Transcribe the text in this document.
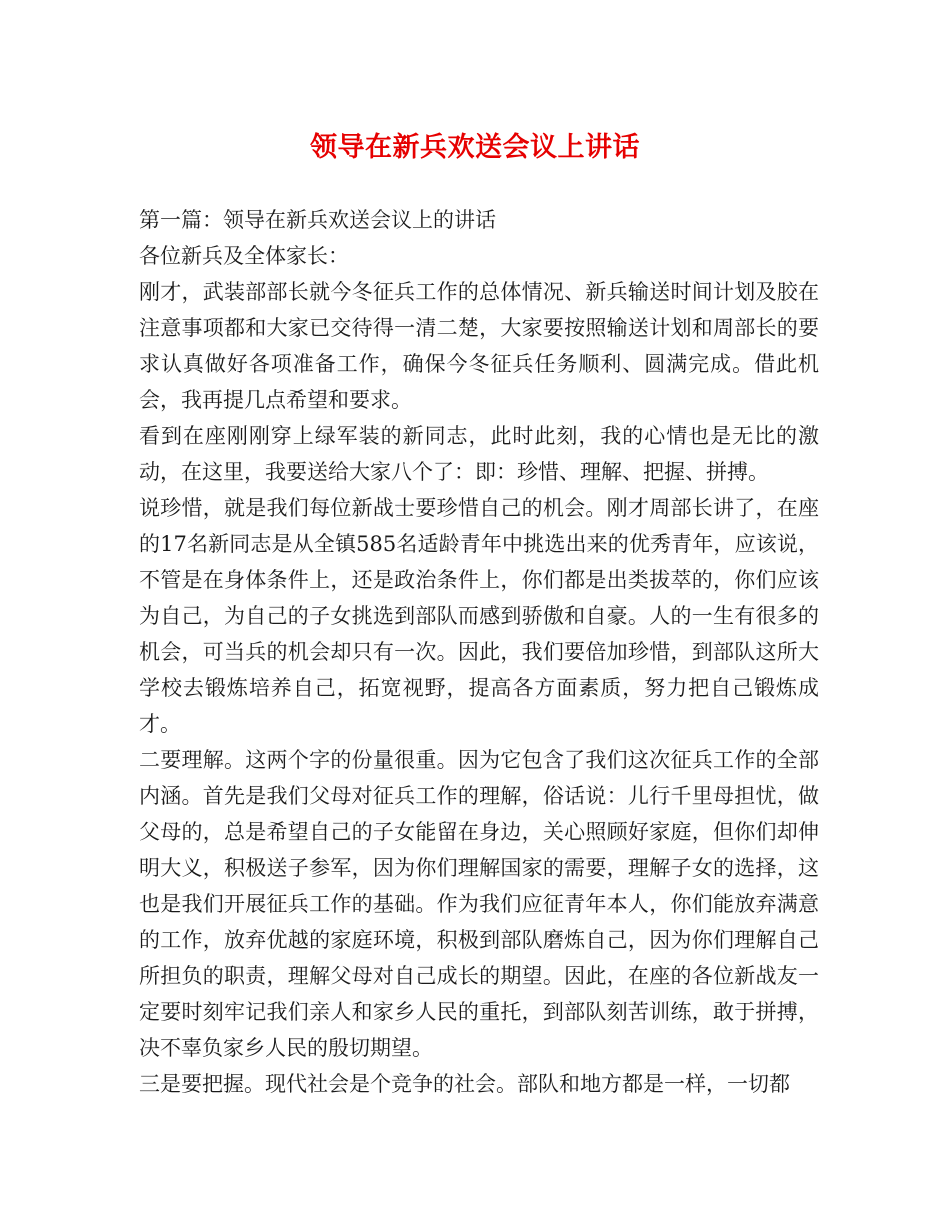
领导在新兵欢送会议上讲话

第一篇：领导在新兵欢送会议上的讲话

各位新兵及全体家长：

刚才，武装部部长就今冬征兵工作的总体情况、新兵输送时间计划及胶在注意事项都和大家已交待得一清二楚，大家要按照输送计划和周部长的要求认真做好各项准备工作，确保今冬征兵任务顺利、圆满完成。借此机会，我再提几点希望和要求。

看到在座刚刚穿上绿军装的新同志，此时此刻，我的心情也是无比的激动，在这里，我要送给大家八个了：即：珍惜、理解、把握、拼搏。

说珍惜，就是我们每位新战士要珍惜自己的机会。刚才周部长讲了，在座的17名新同志是从全镇585名适龄青年中挑选出来的优秀青年，应该说，不管是在身体条件上，还是政治条件上，你们都是出类拔萃的，你们应该为自己，为自己的子女挑选到部队而感到骄傲和自豪。人的一生有很多的机会，可当兵的机会却只有一次。因此，我们要倍加珍惜，到部队这所大学校去锻炼培养自己，拓宽视野，提高各方面素质，努力把自己锻炼成才。

二要理解。这两个字的份量很重。因为它包含了我们这次征兵工作的全部内涵。首先是我们父母对征兵工作的理解，俗话说：儿行千里母担忧，做父母的，总是希望自己的子女能留在身边，关心照顾好家庭，但你们却伸明大义，积极送子参军，因为你们理解国家的需要，理解子女的选择，这也是我们开展征兵工作的基础。作为我们应征青年本人，你们能放弃满意的工作，放弃优越的家庭环境，积极到部队磨炼自己，因为你们理解自己所担负的职责，理解父母对自己成长的期望。因此，在座的各位新战友一定要时刻牢记我们亲人和家乡人民的重托，到部队刻苦训练，敢于拼搏，决不辜负家乡人民的殷切期望。

三是要把握。现代社会是个竞争的社会。部队和地方都是一样，一切都
